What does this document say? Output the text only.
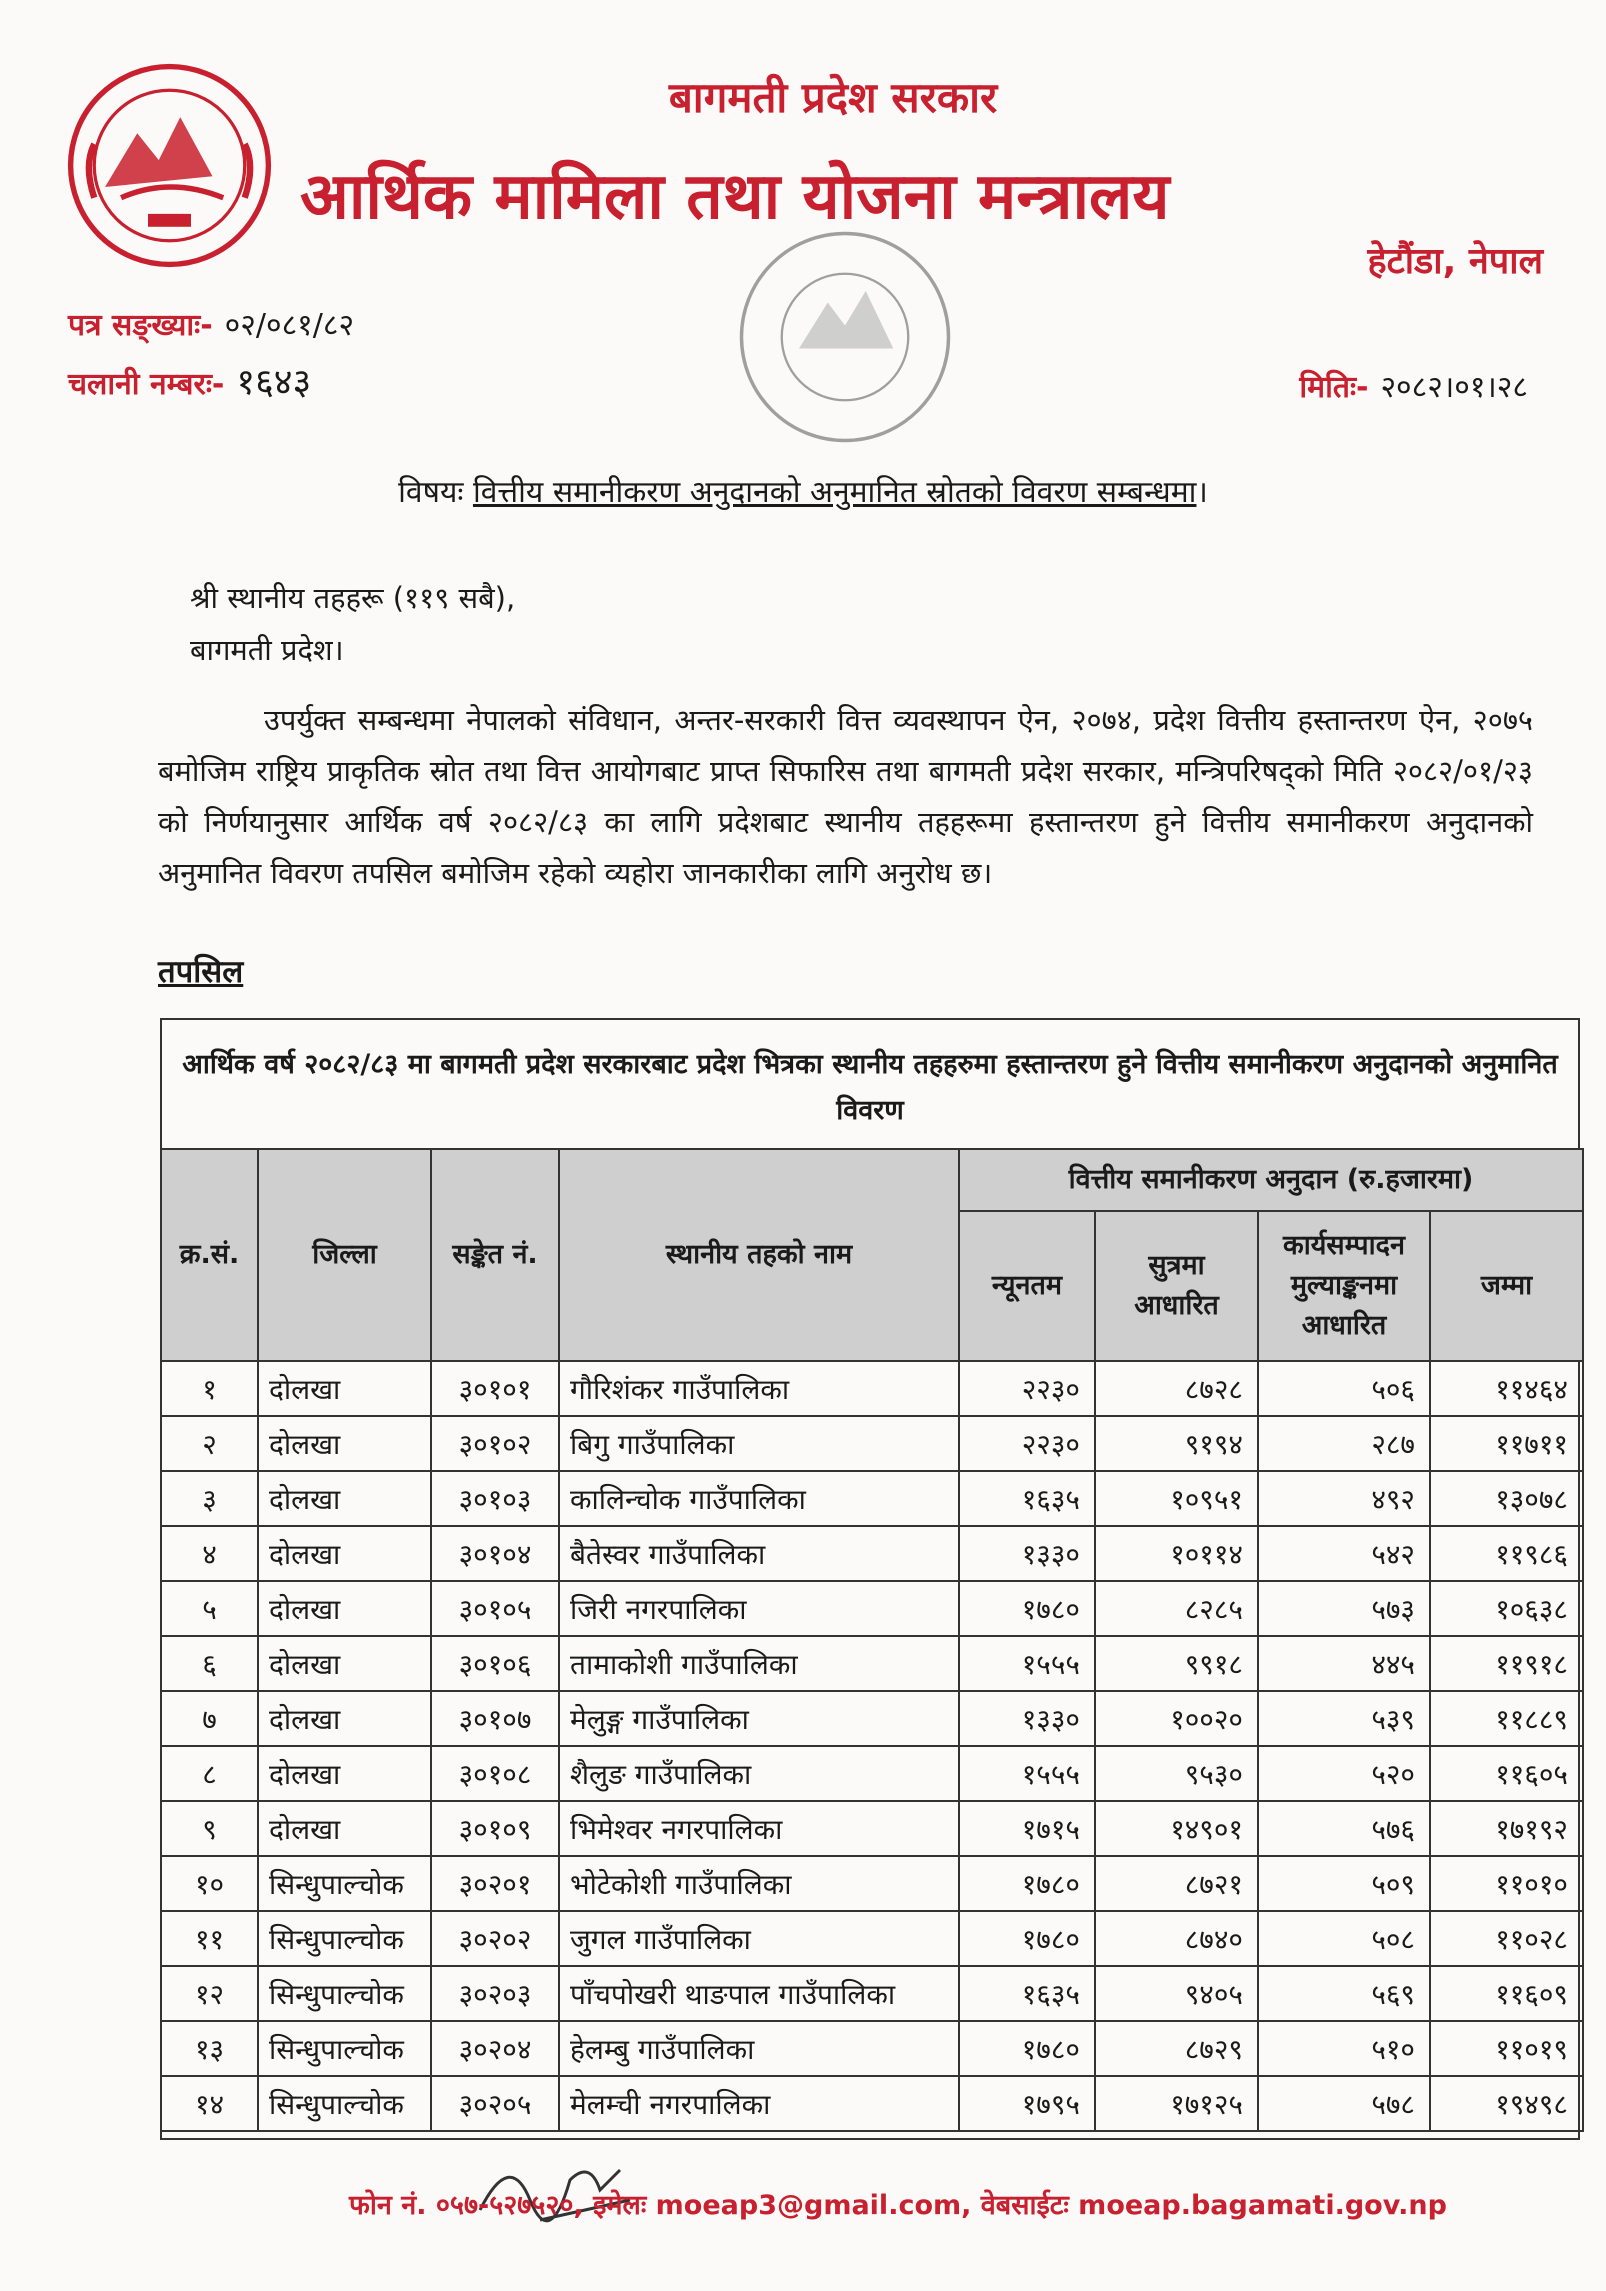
बागमती प्रदेश सरकार
आर्थिक मामिला तथा योजना मन्त्रालय
हेटौंडा, नेपाल
पत्र सङ्ख्याः- ०२/०८१/८२
चलानी नम्बरः- १६४३	मितिः- २०८२।०१।२८
विषयः वित्तीय समानीकरण अनुदानको अनुमानित स्रोतको विवरण सम्बन्धमा।
श्री स्थानीय तहहरू (११९ सबै),
बागमती प्रदेश।
उपर्युक्त सम्बन्धमा नेपालको संविधान, अन्तर-सरकारी वित्त व्यवस्थापन ऐन, २०७४, प्रदेश वित्तीय हस्तान्तरण ऐन, २०७५ बमोजिम राष्ट्रिय प्राकृतिक स्रोत तथा वित्त आयोगबाट प्राप्त सिफारिस तथा बागमती प्रदेश सरकार, मन्त्रिपरिषद्को मिति २०८२/०१/२३ को निर्णयानुसार आर्थिक वर्ष २०८२/८३ का लागि प्रदेशबाट स्थानीय तहहरूमा हस्तान्तरण हुने वित्तीय समानीकरण अनुदानको अनुमानित विवरण तपसिल बमोजिम रहेको व्यहोरा जानकारीका लागि अनुरोध छ।
तपसिल
आर्थिक वर्ष २०८२/८३ मा बागमती प्रदेश सरकारबाट प्रदेश भित्रका स्थानीय तहहरुमा हस्तान्तरण हुने वित्तीय समानीकरण अनुदानको अनुमानित विवरण
क्र.सं.	जिल्ला	सङ्केत नं.	स्थानीय तहको नाम	वित्तीय समानीकरण अनुदान (रु.हजारमा)			
				न्यूनतम	सुत्रमा आधारित	कार्यसम्पादन मुल्याङ्कनमा आधारित	जम्मा
१	दोलखा	३०१०१	गौरिशंकर गाउँपालिका	२२३०	८७२८	५०६	११४६४
२	दोलखा	३०१०२	बिगु गाउँपालिका	२२३०	९१९४	२८७	११७११
३	दोलखा	३०१०३	कालिन्चोक गाउँपालिका	१६३५	१०९५१	४९२	१३०७८
४	दोलखा	३०१०४	बैतेस्वर गाउँपालिका	१३३०	१०११४	५४२	११९८६
५	दोलखा	३०१०५	जिरी नगरपालिका	१७८०	८२८५	५७३	१०६३८
६	दोलखा	३०१०६	तामाकोशी गाउँपालिका	१५५५	९९१८	४४५	११९१८
७	दोलखा	३०१०७	मेलुङ्ग गाउँपालिका	१३३०	१००२०	५३९	११८८९
८	दोलखा	३०१०८	शैलुङ गाउँपालिका	१५५५	९५३०	५२०	११६०५
९	दोलखा	३०१०९	भिमेश्वर नगरपालिका	१७१५	१४९०१	५७६	१७१९२
१०	सिन्धुपाल्चोक	३०२०१	भोटेकोशी गाउँपालिका	१७८०	८७२१	५०९	११०१०
११	सिन्धुपाल्चोक	३०२०२	जुगल गाउँपालिका	१७८०	८७४०	५०८	११०२८
१२	सिन्धुपाल्चोक	३०२०३	पाँचपोखरी थाङपाल गाउँपालिका	१६३५	९४०५	५६९	११६०९
१३	सिन्धुपाल्चोक	३०२०४	हेलम्बु गाउँपालिका	१७८०	८७२९	५१०	११०१९
१४	सिन्धुपाल्चोक	३०२०५	मेलम्ची नगरपालिका	१७९५	१७१२५	५७८	१९४९८
फोन नं. ०५७-५२७५२०, इमेलः moeap3@gmail.com, वेबसाईटः moeap.bagamati.gov.np
